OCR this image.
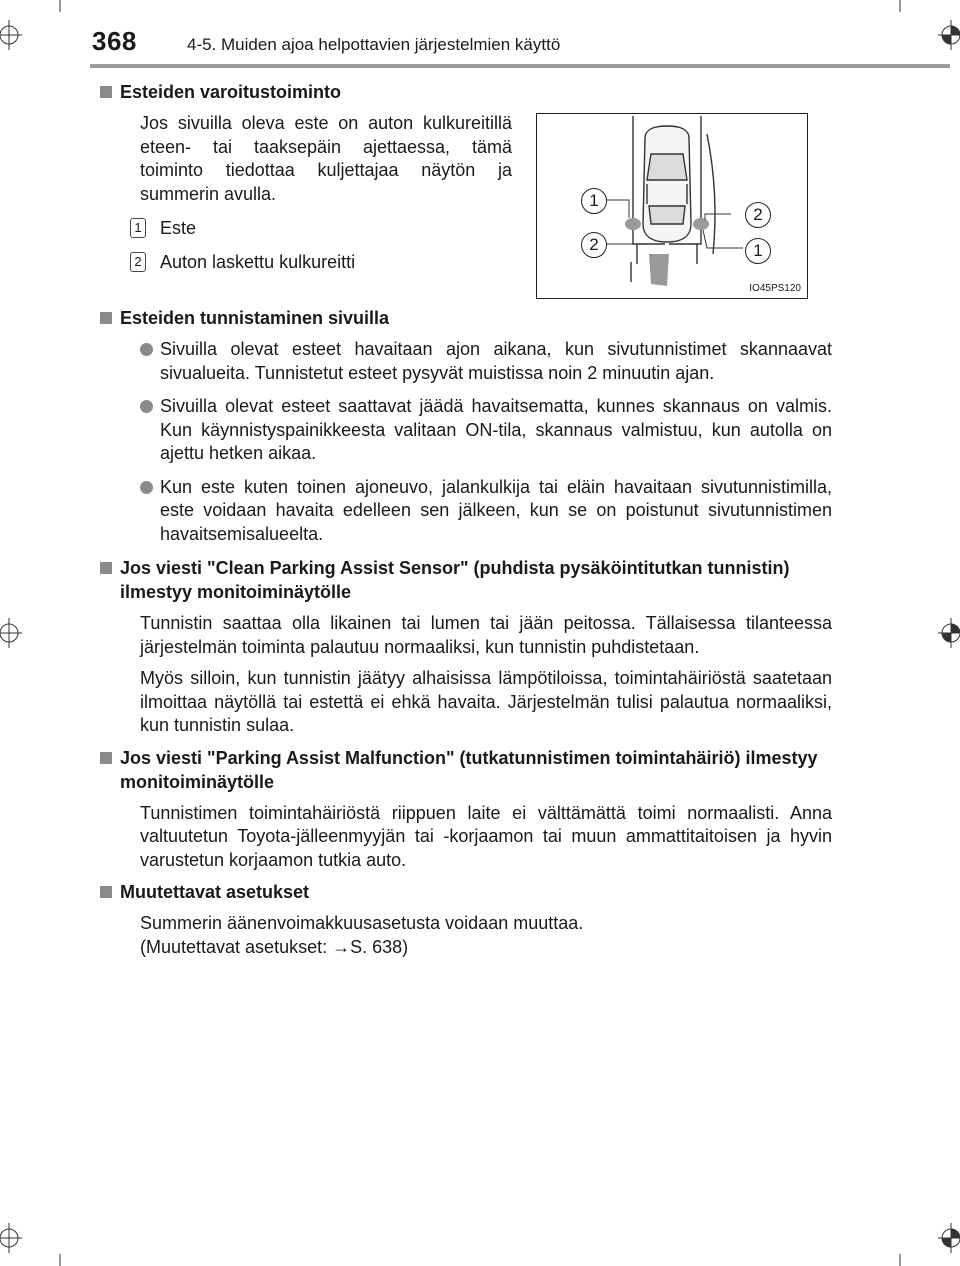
368	4-5. Muiden ajoa helpottavien järjestelmien käyttö
Esteiden varoitustoiminto
Jos sivuilla oleva este on auton kulkureitillä eteen- tai taaksepäin ajettaessa, tämä toiminto tiedottaa kuljettajaa näytön ja summerin avulla.
1 Este
2 Auton laskettu kulkureitti
Esteiden tunnistaminen sivuilla
Sivuilla olevat esteet havaitaan ajon aikana, kun sivutunnistimet skannaavat sivualueita. Tunnistetut esteet pysyvät muistissa noin 2 minuutin ajan.
Sivuilla olevat esteet saattavat jäädä havaitsematta, kunnes skannaus on valmis. Kun käynnistyspainikkeesta valitaan ON-tila, skannaus valmistuu, kun autolla on ajettu hetken aikaa.
Kun este kuten toinen ajoneuvo, jalankulkija tai eläin havaitaan sivutunnistimilla, este voidaan havaita edelleen sen jälkeen, kun se on poistunut sivutunnistimen havaitsemisalueelta.
Jos viesti "Clean Parking Assist Sensor" (puhdista pysäköintitutkan tunnistin) ilmestyy monitoiminäytölle
Tunnistin saattaa olla likainen tai lumen tai jään peitossa. Tällaisessa tilanteessa järjestelmän toiminta palautuu normaaliksi, kun tunnistin puhdistetaan.
Myös silloin, kun tunnistin jäätyy alhaisissa lämpötiloissa, toimintahäiriöstä saatetaan ilmoittaa näytöllä tai estettä ei ehkä havaita. Järjestelmän tulisi palautua normaaliksi, kun tunnistin sulaa.
Jos viesti "Parking Assist Malfunction" (tutkatunnistimen toimintahäiriö) ilmestyy monitoiminäytölle
Tunnistimen toimintahäiriöstä riippuen laite ei välttämättä toimi normaalisti. Anna valtuutetun Toyota-jälleenmyyjän tai -korjaamon tai muun ammattitaitoisen ja hyvin varustetun korjaamon tutkia auto.
Muutettavat asetukset
Summerin äänenvoimakkuusasetusta voidaan muuttaa.
(Muutettavat asetukset: →S. 638)
1
2
2	1
IO45PS120
